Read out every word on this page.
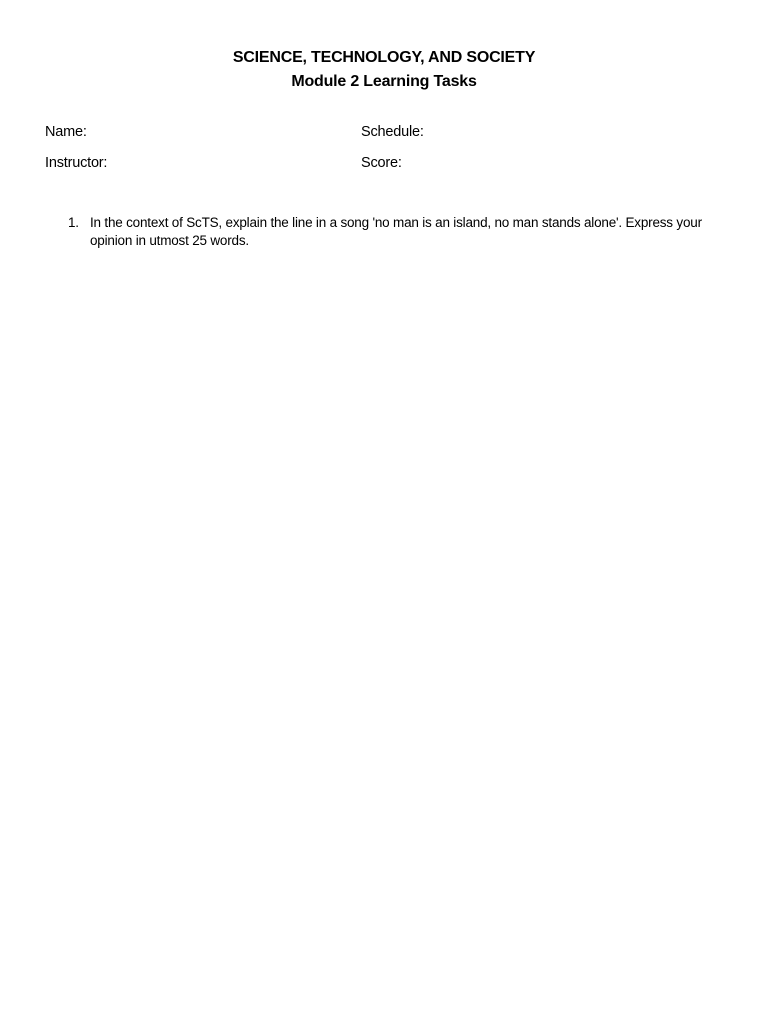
SCIENCE, TECHNOLOGY, AND SOCIETY
Module 2 Learning Tasks
Name:	Schedule:
Instructor:	Score:
1. In the context of ScTS, explain the line in a song 'no man is an island, no man stands alone'. Express your opinion in utmost 25 words.
